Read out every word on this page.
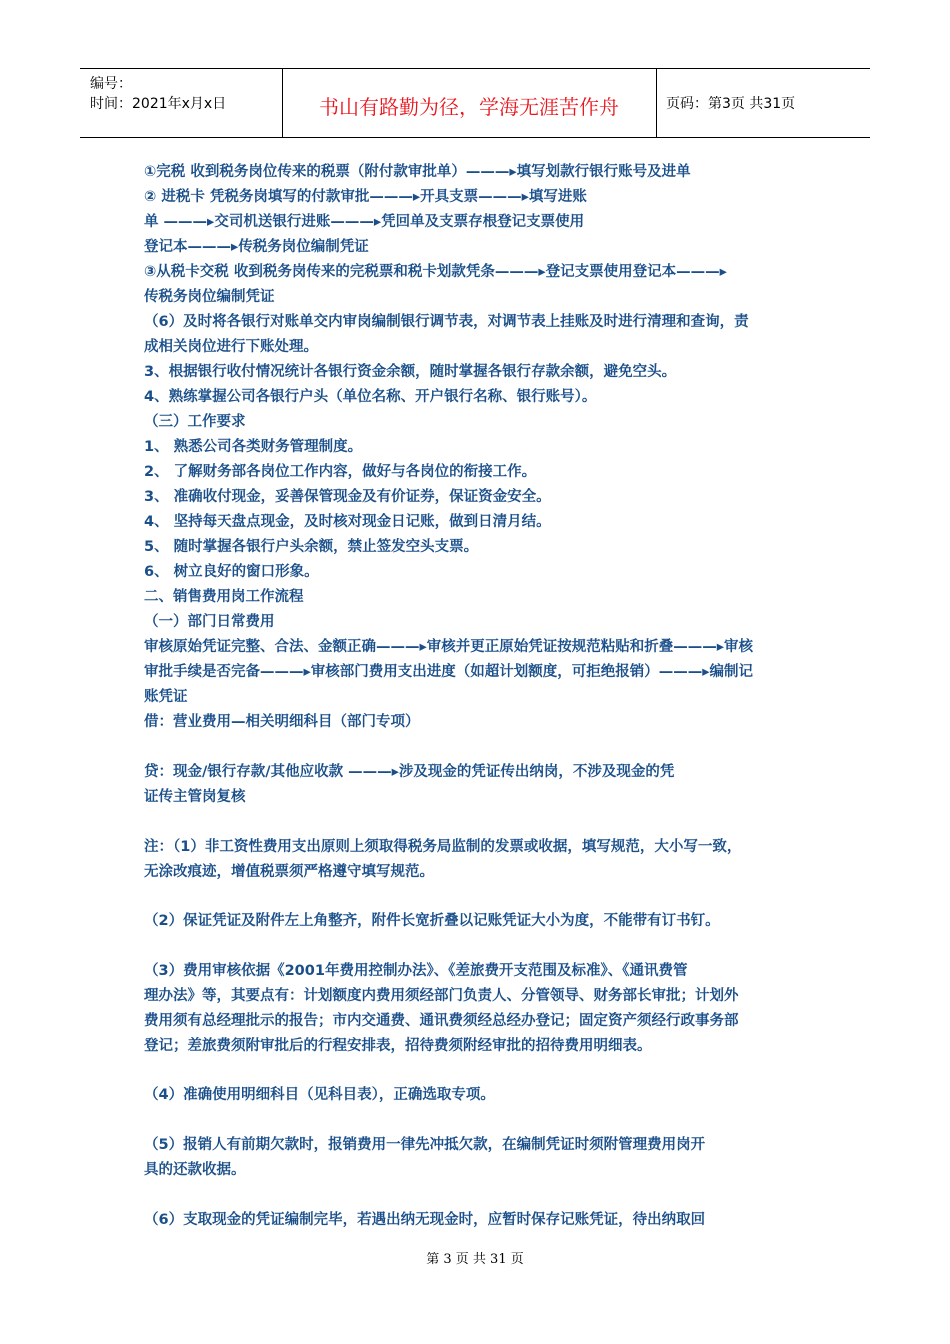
编号：
时间：2021年x月x日	书山有路勤为径，学海无涯苦作舟	页码：第3页 共31页
①完税 收到税务岗位传来的税票（附付款审批单）———▸填写划款行银行账号及进单
② 进税卡 凭税务岗填写的付款审批———▸开具支票———▸填写进账
单 ———▸交司机送银行进账———▸凭回单及支票存根登记支票使用
登记本———▸传税务岗位编制凭证
③从税卡交税 收到税务岗传来的完税票和税卡划款凭条———▸登记支票使用登记本———▸
传税务岗位编制凭证
（6）及时将各银行对账单交内审岗编制银行调节表，对调节表上挂账及时进行清理和查询，责
成相关岗位进行下账处理。
3、根据银行收付情况统计各银行资金余额，随时掌握各银行存款余额，避免空头。
4、熟练掌握公司各银行户头（单位名称、开户银行名称、银行账号）。
（三）工作要求
1、 熟悉公司各类财务管理制度。
2、 了解财务部各岗位工作内容，做好与各岗位的衔接工作。
3、 准确收付现金，妥善保管现金及有价证券，保证资金安全。
4、 坚持每天盘点现金，及时核对现金日记账，做到日清月结。
5、 随时掌握各银行户头余额，禁止签发空头支票。
6、 树立良好的窗口形象。
二、销售费用岗工作流程
（一）部门日常费用
审核原始凭证完整、合法、金额正确———▸审核并更正原始凭证按规范粘贴和折叠———▸审核
审批手续是否完备———▸审核部门费用支出进度（如超计划额度，可拒绝报销）———▸编制记
账凭证
借：营业费用—相关明细科目（部门专项）
贷：现金/银行存款/其他应收款 ———▸涉及现金的凭证传出纳岗，不涉及现金的凭
证传主管岗复核
注：（1）非工资性费用支出原则上须取得税务局监制的发票或收据，填写规范，大小写一致，
无涂改痕迹，增值税票须严格遵守填写规范。
（2）保证凭证及附件左上角整齐，附件长宽折叠以记账凭证大小为度，不能带有订书钉。
（3）费用审核依据《2001年费用控制办法》、《差旅费开支范围及标准》、《通讯费管
理办法》等，其要点有：计划额度内费用须经部门负责人、分管领导、财务部长审批；计划外
费用须有总经理批示的报告；市内交通费、通讯费须经总经办登记；固定资产须经行政事务部
登记；差旅费须附审批后的行程安排表，招待费须附经审批的招待费用明细表。
（4）准确使用明细科目（见科目表），正确选取专项。
（5）报销人有前期欠款时，报销费用一律先冲抵欠款，在编制凭证时须附管理费用岗开
具的还款收据。
（6）支取现金的凭证编制完毕，若遇出纳无现金时，应暂时保存记账凭证，待出纳取回
第 3 页 共 31 页
